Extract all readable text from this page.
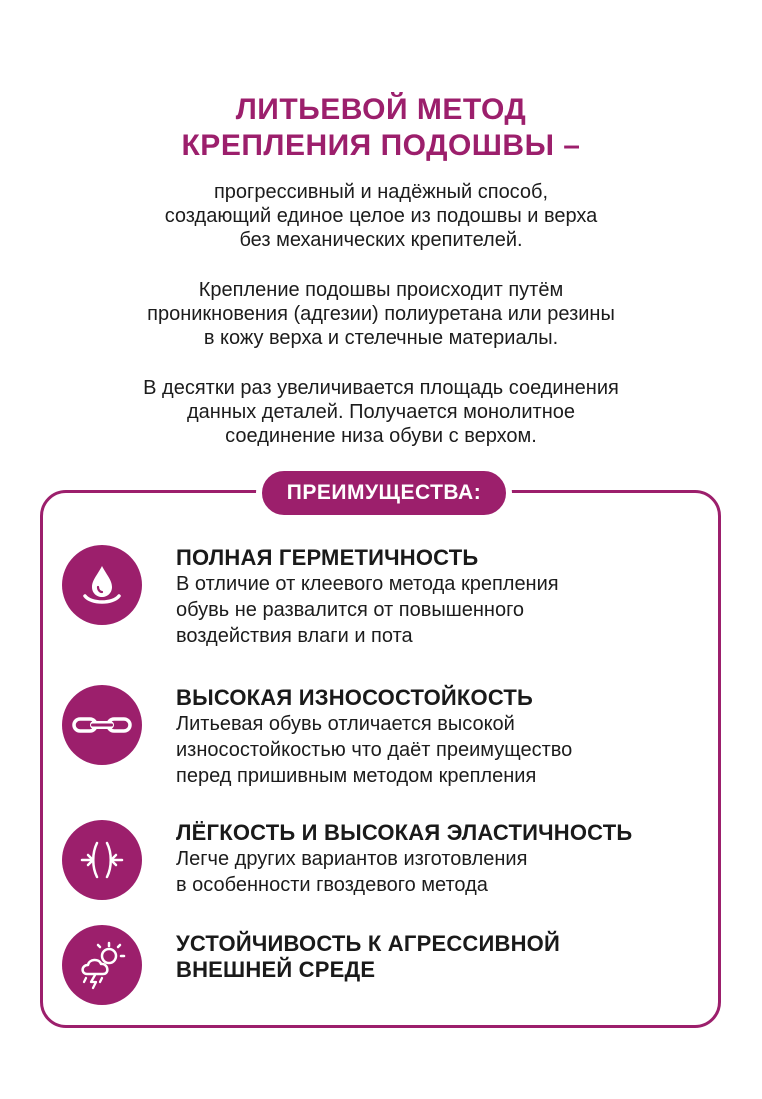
ЛИТЬЕВОЙ МЕТОД
КРЕПЛЕНИЯ ПОДОШВЫ –

прогрессивный и надёжный способ,
создающий единое целое из подошвы и верха
без механических крепителей.

Крепление подошвы происходит путём
проникновения (адгезии) полиуретана или резины
в кожу верха и стелечные материалы.

В десятки раз увеличивается площадь соединения
данных деталей. Получается монолитное
соединение низа обуви с верхом.

ПРЕИМУЩЕСТВА:
ПОЛНАЯ ГЕРМЕТИЧНОСТЬ
В отличие от клеевого метода крепления
обувь не развалится от повышенного
воздействия влаги и пота
ВЫСОКАЯ ИЗНОСОСТОЙКОСТЬ
Литьевая обувь отличается высокой
износостойкостью что даёт преимущество
перед пришивным методом крепления
ЛЁГКОСТЬ И ВЫСОКАЯ ЭЛАСТИЧНОСТЬ
Легче других вариантов изготовления
в особенности гвоздевого метода
УСТОЙЧИВОСТЬ К АГРЕССИВНОЙ
ВНЕШНЕЙ СРЕДЕ
